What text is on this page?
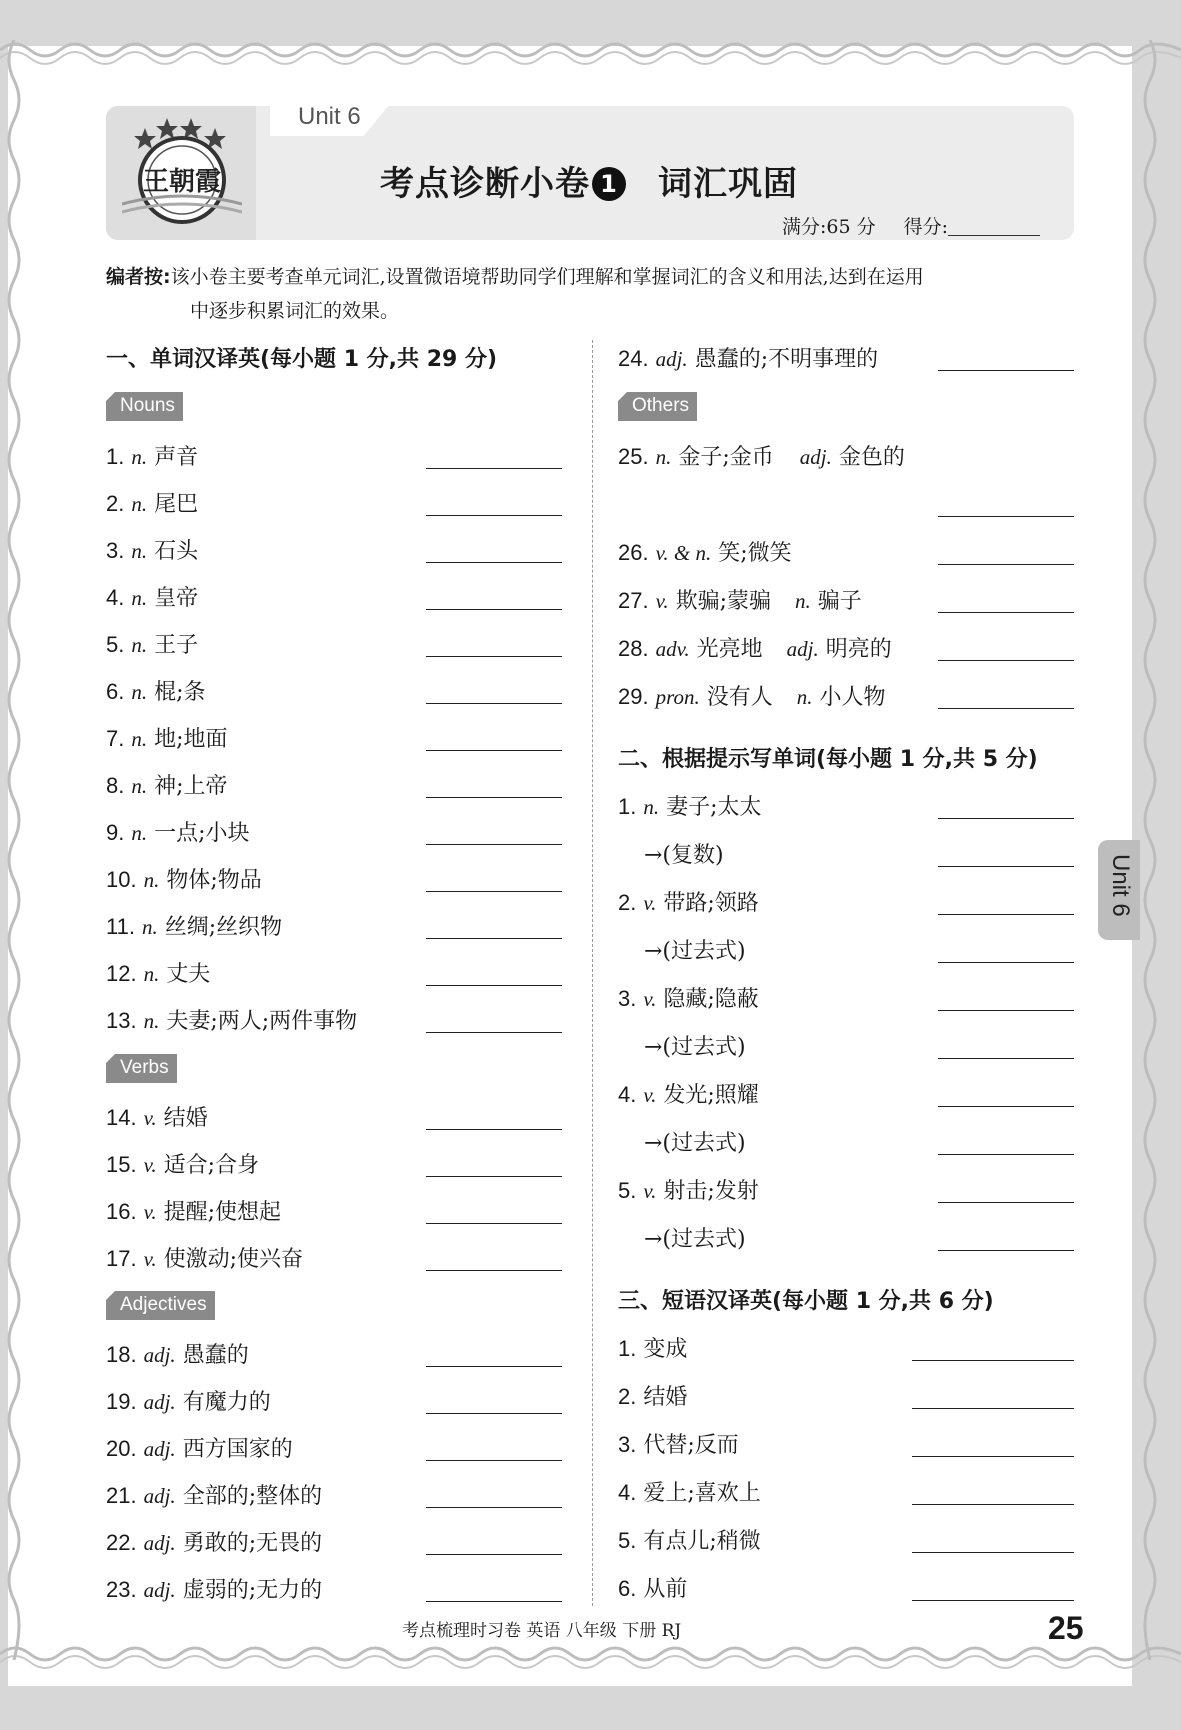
王朝霞
Unit 6
考点诊断小卷 1 词汇巩固
满分:65 分 得分:
编者按:该小卷主要考查单元词汇,设置微语境帮助同学们理解和掌握词汇的含义和用法,达到在运用
中逐步积累词汇的效果。
一、单词汉译英(每小题 1 分,共 29 分)
二、根据提示写单词(每小题 1 分,共 5 分)
三、短语汉译英(每小题 1 分,共 6 分)
Nouns
Verbs
Adjectives
Others
1. n. 声音
2. n. 尾巴
3. n. 石头
4. n. 皇帝
5. n. 王子
6. n. 棍;条
7. n. 地;地面
8. n. 神;上帝
9. n. 一点;小块
10. n. 物体;物品
11. n. 丝绸;丝织物
12. n. 丈夫
13. n. 夫妻;两人;两件事物
14. v. 结婚
15. v. 适合;合身
16. v. 提醒;使想起
17. v. 使激动;使兴奋
18. adj. 愚蠢的
19. adj. 有魔力的
20. adj. 西方国家的
21. adj. 全部的;整体的
22. adj. 勇敢的;无畏的
23. adj. 虚弱的;无力的
24. adj. 愚蠢的;不明事理的
25. n. 金子;金币 adj. 金色的
26. v. & n. 笑;微笑
27. v. 欺骗;蒙骗 n. 骗子
28. adv. 光亮地 adj. 明亮的
29. pron. 没有人 n. 小人物
1. n. 妻子;太太
→(复数)
2. v. 带路;领路
→(过去式)
3. v. 隐藏;隐蔽
→(过去式)
4. v. 发光;照耀
→(过去式)
5. v. 射击;发射
→(过去式)
1. 变成
2. 结婚
3. 代替;反而
4. 爱上;喜欢上
5. 有点儿;稍微
6. 从前
Unit 6
考点梳理时习卷 英语 八年级 下册 RJ	25
